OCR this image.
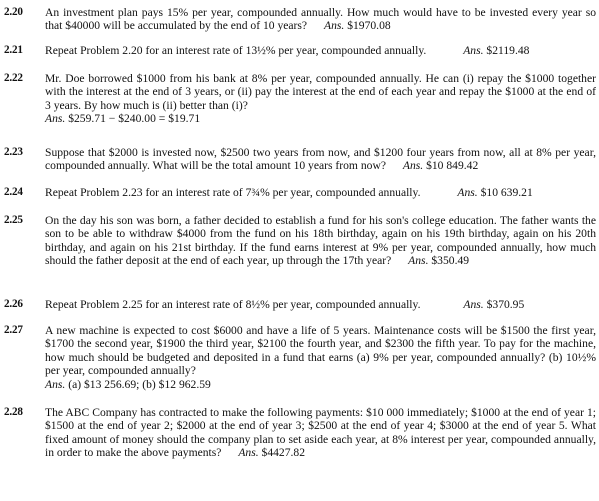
2.20	An investment plan pays 15% per year, compounded annually. How much would have to be invested every year so that $40000 will be accumulated by the end of 10 years? Ans. $1970.08
2.21	Repeat Problem 2.20 for an interest rate of 13½% per year, compounded annually.	Ans. $2119.48
2.22	Mr. Doe borrowed $1000 from his bank at 8% per year, compounded annually. He can (i) repay the $1000 together with the interest at the end of 3 years, or (ii) pay the interest at the end of each year and repay the $1000 at the end of 3 years. By how much is (ii) better than (i)?
Ans. $259.71 − $240.00 = $19.71
2.23	Suppose that $2000 is invested now, $2500 two years from now, and $1200 four years from now, all at 8% per year, compounded annually. What will be the total amount 10 years from now? Ans. $10 849.42
2.24	Repeat Problem 2.23 for an interest rate of 7¾% per year, compounded annually.	Ans. $10 639.21
2.25	On the day his son was born, a father decided to establish a fund for his son's college education. The father wants the son to be able to withdraw $4000 from the fund on his 18th birthday, again on his 19th birthday, again on his 20th birthday, and again on his 21st birthday. If the fund earns interest at 9% per year, compounded annually, how much should the father deposit at the end of each year, up through the 17th year? Ans. $350.49
2.26	Repeat Problem 2.25 for an interest rate of 8½% per year, compounded annually.	Ans. $370.95
2.27	A new machine is expected to cost $6000 and have a life of 5 years. Maintenance costs will be $1500 the first year, $1700 the second year, $1900 the third year, $2100 the fourth year, and $2300 the fifth year. To pay for the machine, how much should be budgeted and deposited in a fund that earns (a) 9% per year, compounded annually? (b) 10½% per year, compounded annually?
Ans. (a) $13 256.69; (b) $12 962.59
2.28	The ABC Company has contracted to make the following payments: $10 000 immediately; $1000 at the end of year 1; $1500 at the end of year 2; $2000 at the end of year 3; $2500 at the end of year 4; $3000 at the end of year 5. What fixed amount of money should the company plan to set aside each year, at 8% interest per year, compounded annually, in order to make the above payments? Ans. $4427.82
